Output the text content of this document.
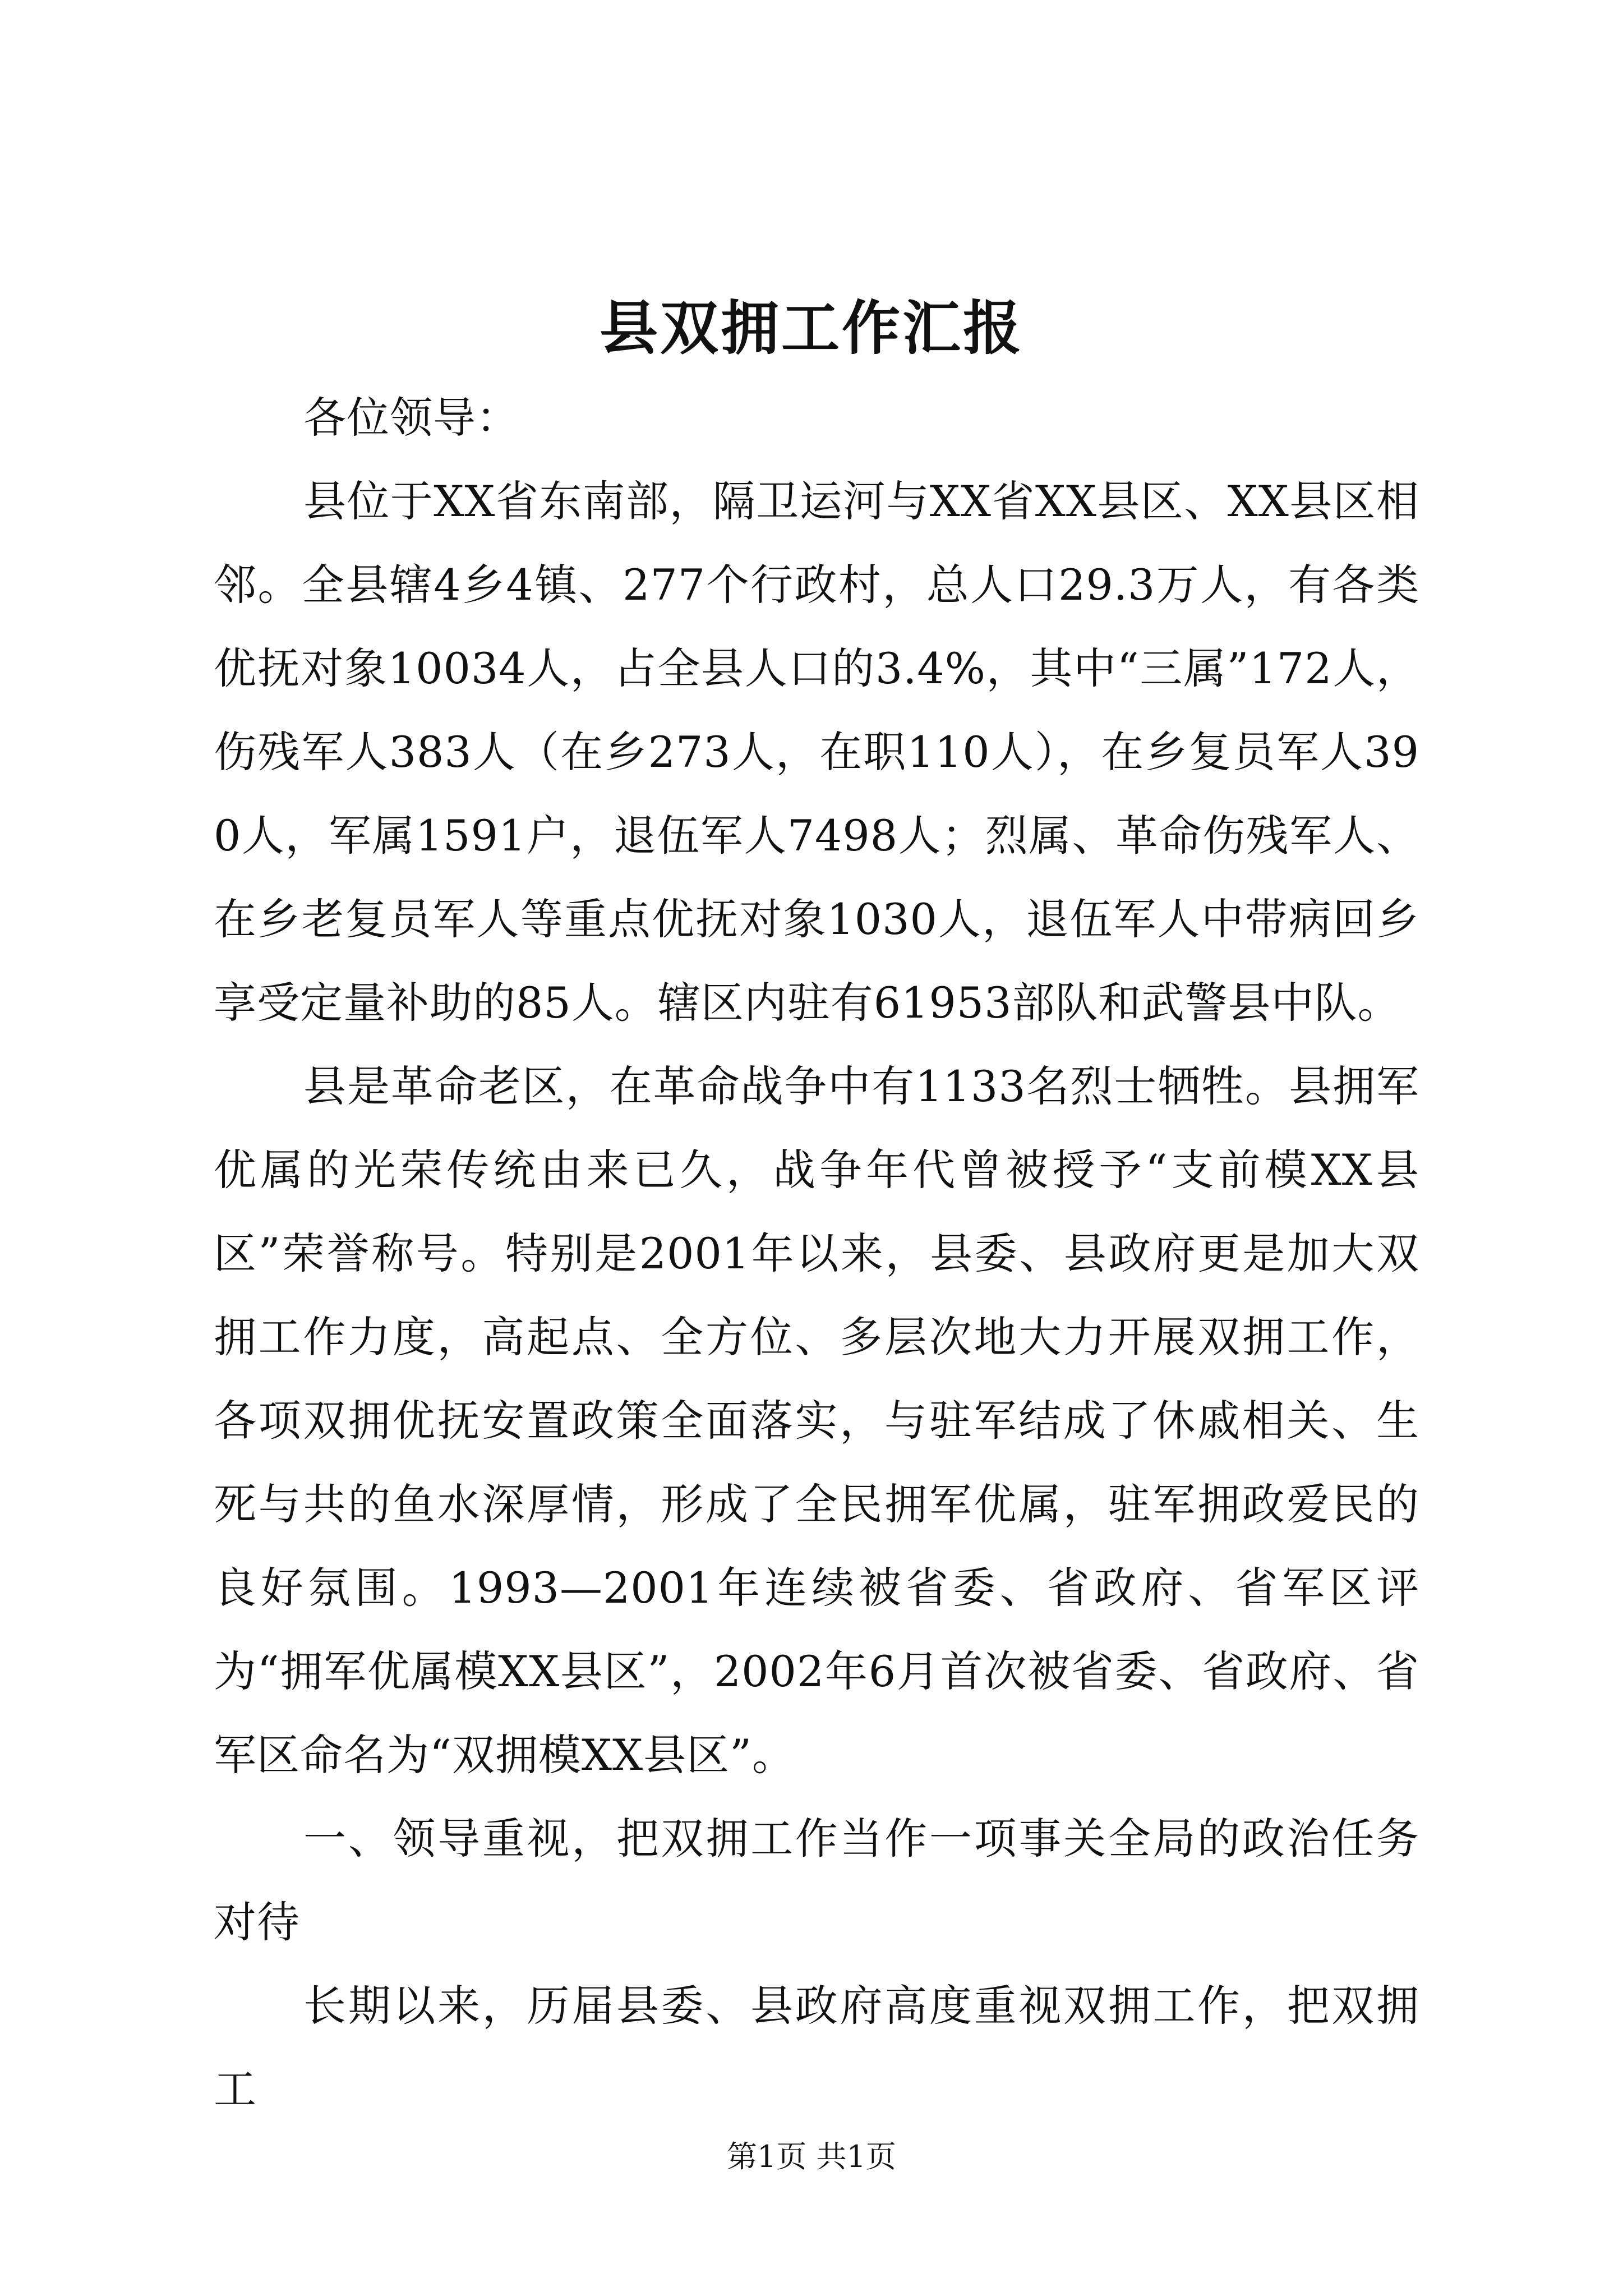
县双拥工作汇报

各位领导：

县位于XX省东南部，隔卫运河与XX省XX县区、XX县区相邻。全县辖4乡4镇、277个行政村，总人口29.3万人，有各类优抚对象10034人，占全县人口的3.4%，其中“三属”172人，伤残军人383人（在乡273人，在职110人），在乡复员军人390人，军属1591户，退伍军人7498人；烈属、革命伤残军人、在乡老复员军人等重点优抚对象1030人，退伍军人中带病回乡享受定量补助的85人。辖区内驻有61953部队和武警县中队。

县是革命老区，在革命战争中有1133名烈士牺牲。县拥军优属的光荣传统由来已久，战争年代曾被授予“支前模XX县区”荣誉称号。特别是2001年以来，县委、县政府更是加大双拥工作力度，高起点、全方位、多层次地大力开展双拥工作，各项双拥优抚安置政策全面落实，与驻军结成了休戚相关、生死与共的鱼水深厚情，形成了全民拥军优属，驻军拥政爱民的良好氛围。1993—2001年连续被省委、省政府、省军区评为“拥军优属模XX县区”，2002年6月首次被省委、省政府、省军区命名为“双拥模XX县区”。

一、领导重视，把双拥工作当作一项事关全局的政治任务对待

长期以来，历届县委、县政府高度重视双拥工作，把双拥工

第1页 共1页
